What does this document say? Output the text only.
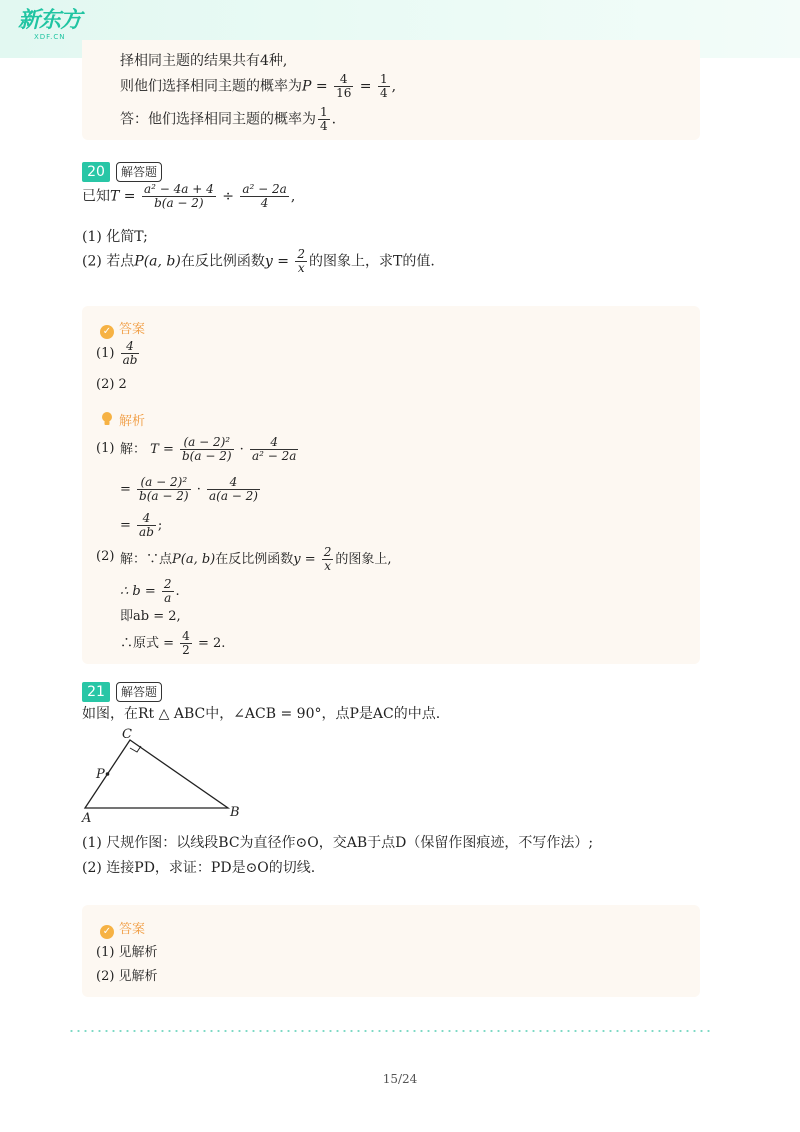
新东方
XDF.CN
择相同主题的结果共有4种,
则他们选择相同主题的概率为$P = \frac{4}{16} = \frac{1}{4}$ ,
答：他们选择相同主题的概率为 $\frac{1}{4}$ .
20	解答题
已知$T = \frac{\text{a² − 4a + 4}}{b(a - 2)} \div \frac{\text{a² − 2a}}{4}$ ,
(1) 化简T;
(2) 若点P(a, b)在反比例函数$y = \frac{2}{x}$ 的图象上，求T的值.
✓ 答案
$(1) \frac{4}{ab}$
(2) 2
解析
(1) 解： $T = \frac{\text{(a − 2)²}}{b(a - 2)} \cdot \frac{4}{\text{a² − 2a}}$
= $\frac{\text{(a − 2)²}}{b(a - 2)} \cdot \frac{4}{a(a - 2)}$
= $\frac{4}{ab}$ ;
(2) 解：∵点P(a, b)在反比例函数$y = \frac{2}{x}$ 的图象上,
∴ $b = \frac{2}{a}$ .
即ab = 2,
∴原式 = $\frac{4}{2} = 2$.
21	解答题
如图，在Rt △ ABC中，∠ACB = 90°，点P是AC的中点.
C
P
A	B
(1) 尺规作图：以线段BC为直径作⊙O，交AB于点D（保留作图痕迹，不写作法）;
(2) 连接PD，求证：PD是⊙O的切线.
✓ 答案
(1) 见解析
(2) 见解析
15/24
